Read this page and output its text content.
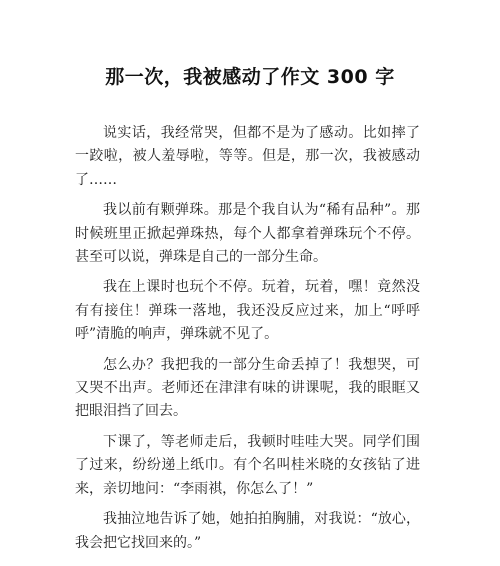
那一次，我被感动了作文 300 字

说实话，我经常哭，但都不是为了感动。比如摔了一跤啦，被人羞辱啦，等等。但是，那一次，我被感动了……

我以前有颗弹珠。那是个我自认为“稀有品种”。那时候班里正掀起弹珠热，每个人都拿着弹珠玩个不停。甚至可以说，弹珠是自己的一部分生命。

我在上课时也玩个不停。玩着，玩着，嘿！竟然没有有接住！弹珠一落地，我还没反应过来，加上“呼呼呼”清脆的响声，弹珠就不见了。

怎么办？我把我的一部分生命丢掉了！我想哭，可又哭不出声。老师还在津津有味的讲课呢，我的眼眶又把眼泪挡了回去。

下课了，等老师走后，我顿时哇哇大哭。同学们围了过来，纷纷递上纸巾。有个名叫桂米晓的女孩钻了进来，亲切地问：“李雨祺，你怎么了！”

我抽泣地告诉了她，她拍拍胸脯，对我说：“放心，我会把它找回来的。”
